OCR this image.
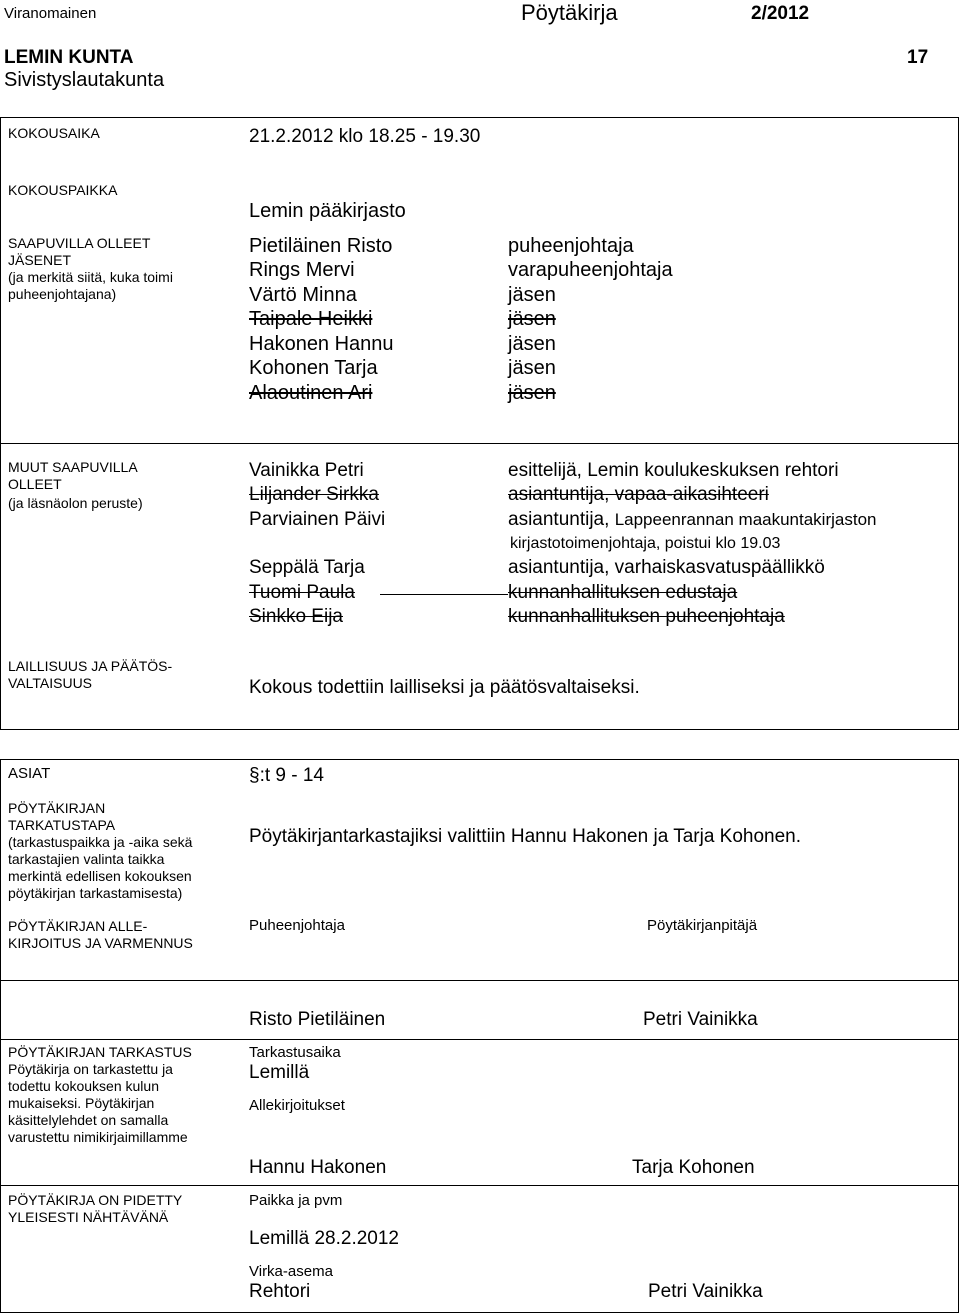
Viranomainen	Pöytäkirja	2/2012
LEMIN KUNTA	17
Sivistyslautakunta
KOKOUSAIKA	21.2.2012 klo 18.25 - 19.30
KOKOUSPAIKKA
Lemin pääkirjasto
SAAPUVILLA OLLEET
JÄSENET
(ja merkitä siitä, kuka toimi
puheenjohtajana)
Pietiläinen Risto	puheenjohtaja
Rings Mervi	varapuheenjohtaja
Värtö Minna	jäsen
Taipale Heikki	jäsen
Hakonen Hannu	jäsen
Kohonen Tarja	jäsen
Alaoutinen Ari	jäsen
MUUT SAAPUVILLA
OLLEET
(ja läsnäolon peruste)
Vainikka Petri	esittelijä, Lemin koulukeskuksen rehtori
Liljander Sirkka	asiantuntija, vapaa-aikasihteeri
Parviainen Päivi	asiantuntija, Lappeenrannan maakuntakirjaston
kirjastotoimenjohtaja, poistui klo 19.03
Seppälä Tarja	asiantuntija, varhaiskasvatuspäällikkö
Tuomi Paula	kunnanhallituksen edustaja
Sinkko Eija	kunnanhallituksen puheenjohtaja
LAILLISUUS JA PÄÄTÖS-
VALTAISUUS	Kokous todettiin lailliseksi ja päätösvaltaiseksi.
ASIAT	§:t 9 - 14
PÖYTÄKIRJAN
TARKATUSTAPA
(tarkastuspaikka ja -aika sekä
tarkastajien valinta taikka
merkintä edellisen kokouksen
pöytäkirjan tarkastamisesta)
Pöytäkirjantarkastajiksi valittiin Hannu Hakonen ja Tarja Kohonen.
PÖYTÄKIRJAN ALLE-
KIRJOITUS JA VARMENNUS
Puheenjohtaja	Pöytäkirjanpitäjä
Risto Pietiläinen	Petri Vainikka
PÖYTÄKIRJAN TARKASTUS
Pöytäkirja on tarkastettu ja
todettu kokouksen kulun
mukaiseksi. Pöytäkirjan
käsittelylehdet on samalla
varustettu nimikirjaimillamme
Tarkastusaika
Lemillä
Allekirjoitukset
Hannu Hakonen	Tarja Kohonen
PÖYTÄKIRJA ON PIDETTY
YLEISESTI NÄHTÄVÄNÄ
Paikka ja pvm
Lemillä 28.2.2012
Virka-asema
Rehtori	Petri Vainikka
